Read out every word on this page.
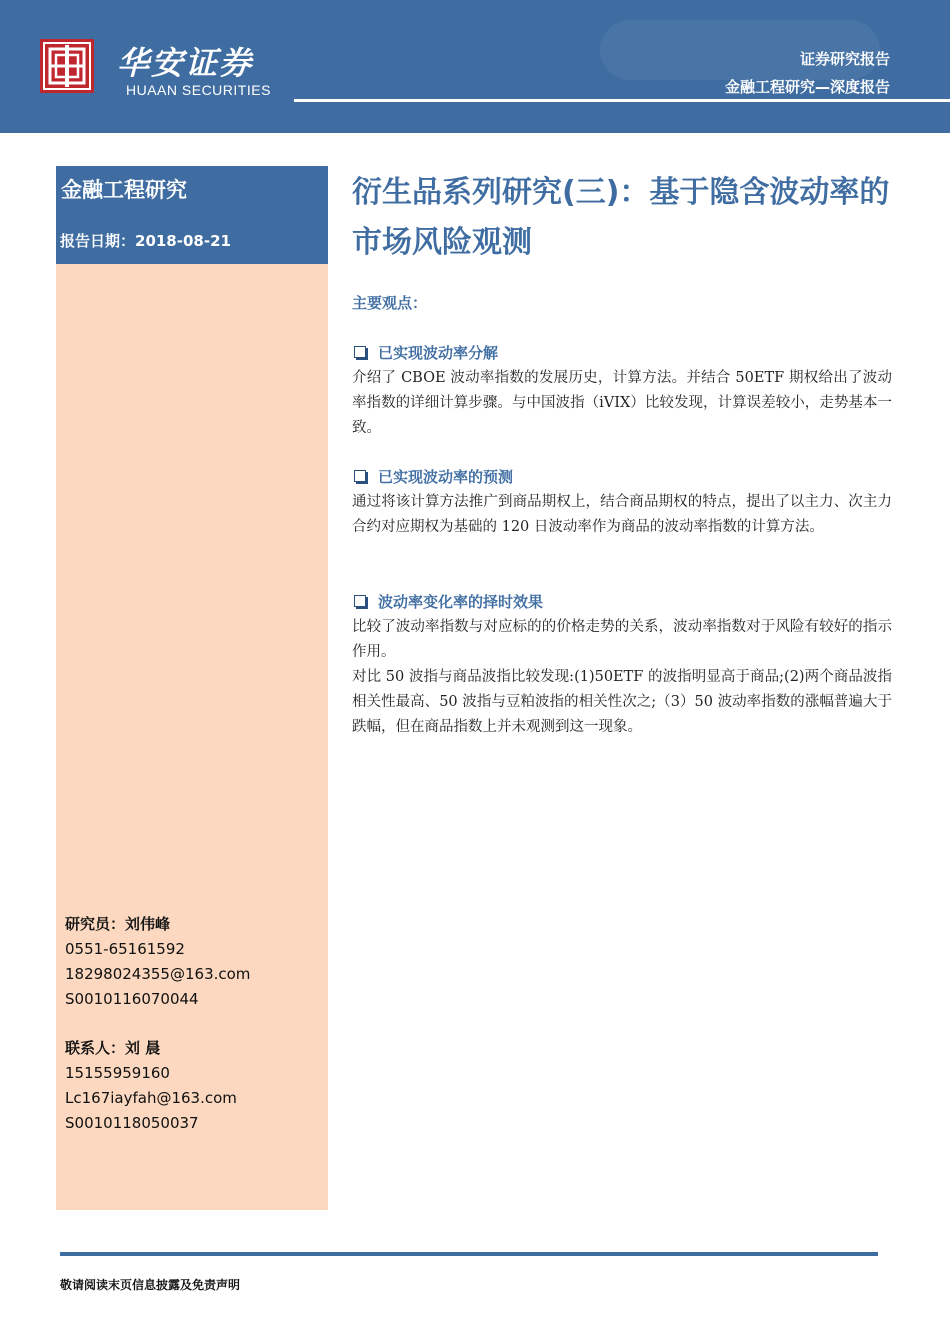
华安证券
HUAAN SECURITIES
证券研究报告
金融工程研究—深度报告
金融工程研究
报告日期：2018-08-21
研究员：刘伟峰
0551-65161592
18298024355@163.com
S0010116070044
联系人：刘 晨
15155959160
Lc167iayfah@163.com
S0010118050037
衍生品系列研究(三)：基于隐含波动率的市场风险观测
主要观点：
已实现波动率分解
介绍了 CBOE 波动率指数的发展历史，计算方法。并结合 50ETF 期权给出了波动率指数的详细计算步骤。与中国波指（iVIX）比较发现，计算误差较小，走势基本一致。
已实现波动率的预测
通过将该计算方法推广到商品期权上，结合商品期权的特点，提出了以主力、次主力合约对应期权为基础的 120 日波动率作为商品的波动率指数的计算方法。
波动率变化率的择时效果
比较了波动率指数与对应标的的价格走势的关系，波动率指数对于风险有较好的指示作用。
对比 50 波指与商品波指比较发现:(1)50ETF 的波指明显高于商品;(2)两个商品波指相关性最高、50 波指与豆粕波指的相关性次之;（3）50 波动率指数的涨幅普遍大于跌幅，但在商品指数上并未观测到这一现象。
敬请阅读末页信息披露及免责声明
